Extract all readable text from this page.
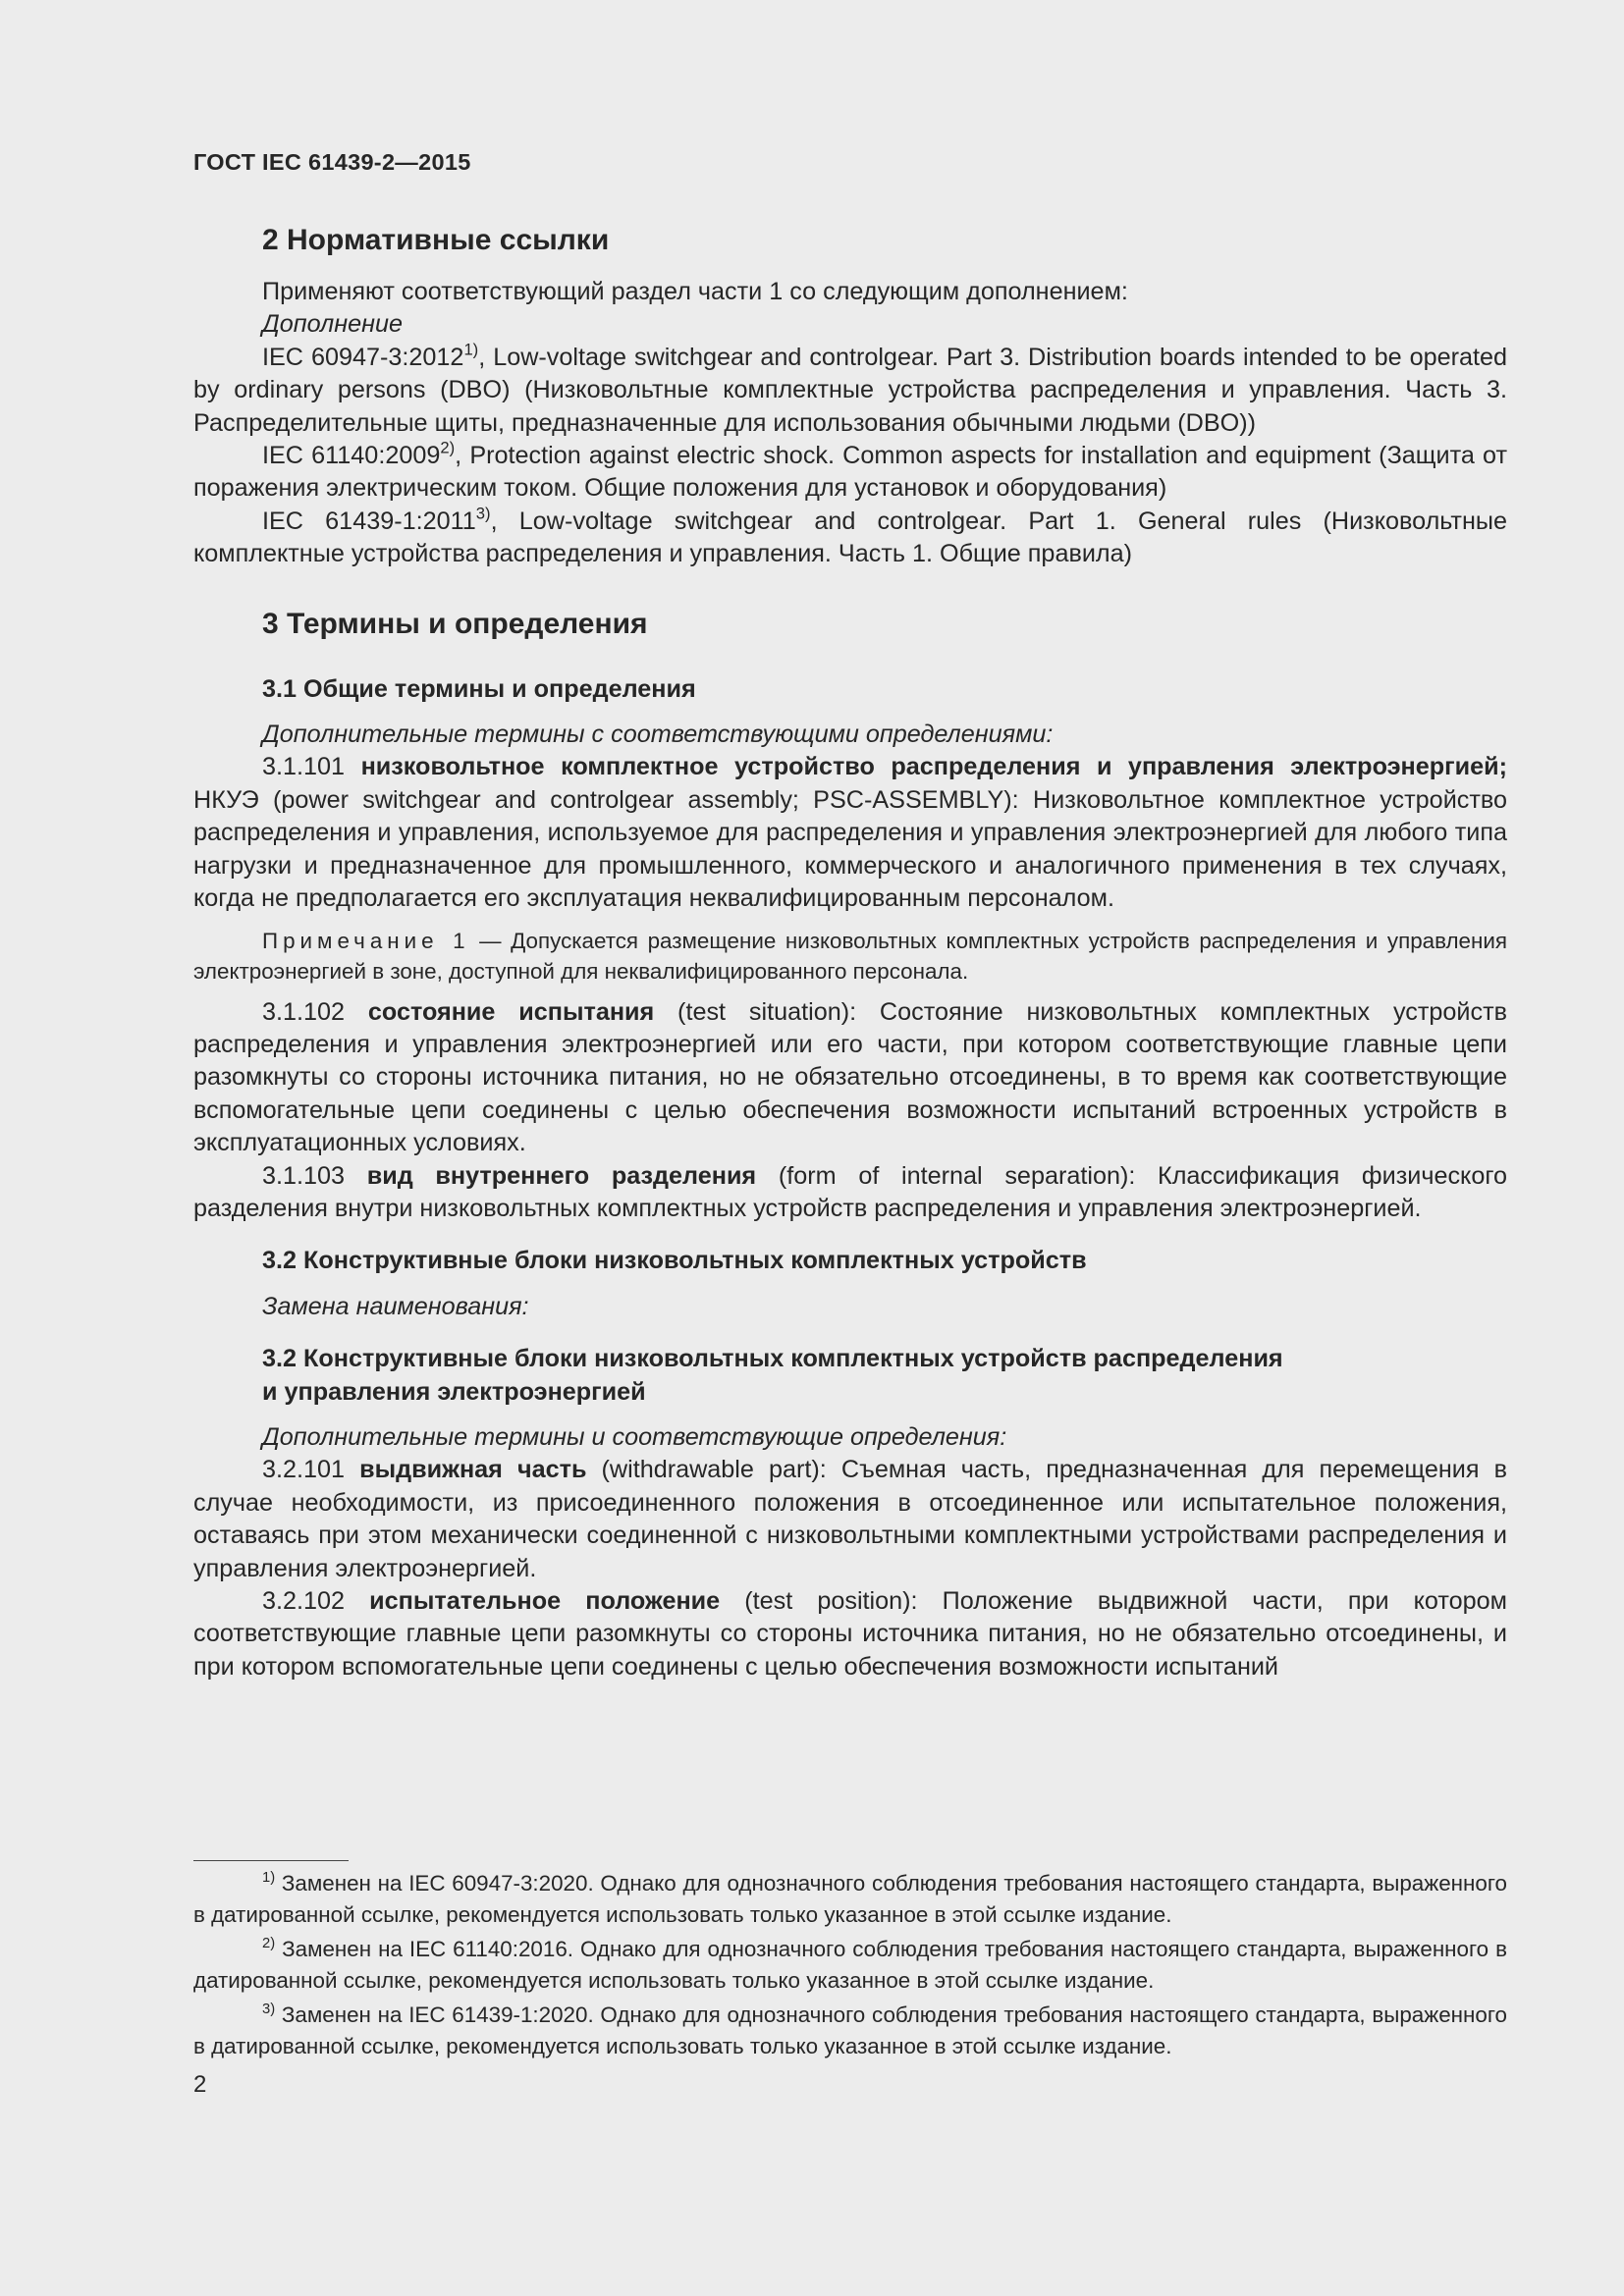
ГОСТ IEC 61439-2—2015
2 Нормативные ссылки

Применяют соответствующий раздел части 1 со следующим дополнением:

Дополнение

IEC 60947-3:2012$^{1)}$, Low-voltage switchgear and controlgear. Part 3. Distribution boards intended to be operated by ordinary persons (DBO) (Низковольтные комплектные устройства распределения и управления. Часть 3. Распределительные щиты, предназначенные для использования обычными людьми (DBO))

IEC 61140:2009$^{2)}$, Protection against electric shock. Common aspects for installation and equipment (Защита от поражения электрическим током. Общие положения для установок и оборудования)

IEC 61439-1:2011$^{3)}$, Low-voltage switchgear and controlgear. Part 1. General rules (Низковольтные комплектные устройства распределения и управления. Часть 1. Общие правила)

3 Термины и определения
3.1 Общие термины и определения

Дополнительные термины с соответствующими определениями:

3.1.101 низковольтное комплектное устройство распределения и управления электроэнергией; НКУЭ (power switchgear and controlgear assembly; PSC-ASSEMBLY): Низковольтное комплектное устройство распределения и управления, используемое для распределения и управления электроэнергией для любого типа нагрузки и предназначенное для промышленного, коммерческого и аналогичного применения в тех случаях, когда не предполагается его эксплуатация неквалифицированным персоналом.

Примечание 1 — Допускается размещение низковольтных комплектных устройств распределения и управления электроэнергией в зоне, доступной для неквалифицированного персонала.

3.1.102 состояние испытания (test situation): Состояние низковольтных комплектных устройств распределения и управления электроэнергией или его части, при котором соответствующие главные цепи разомкнуты со стороны источника питания, но не обязательно отсоединены, в то время как соответствующие вспомогательные цепи соединены с целью обеспечения возможности испытаний встроенных устройств в эксплуатационных условиях.

3.1.103 вид внутреннего разделения (form of internal separation): Классификация физического разделения внутри низковольтных комплектных устройств распределения и управления электроэнергией.

3.2 Конструктивные блоки низковольтных комплектных устройств

Замена наименования:

3.2 Конструктивные блоки низковольтных комплектных устройств распределения
и управления электроэнергией

Дополнительные термины и соответствующие определения:

3.2.101 выдвижная часть (withdrawable part): Съемная часть, предназначенная для перемещения в случае необходимости, из присоединенного положения в отсоединенное или испытательное положения, оставаясь при этом механически соединенной с низковольтными комплектными устройствами распределения и управления электроэнергией.

3.2.102 испытательное положение (test position): Положение выдвижной части, при котором соответствующие главные цепи разомкнуты со стороны источника питания, но не обязательно отсоединены, и при котором вспомогательные цепи соединены с целью обеспечения возможности испытаний

$^{1)}$ Заменен на IEC 60947-3:2020. Однако для однозначного соблюдения требования настоящего стандарта, выраженного в датированной ссылке, рекомендуется использовать только указанное в этой ссылке издание.

$^{2)}$ Заменен на IEC 61140:2016. Однако для однозначного соблюдения требования настоящего стандарта, выраженного в датированной ссылке, рекомендуется использовать только указанное в этой ссылке издание.

$^{3)}$ Заменен на IEC 61439-1:2020. Однако для однозначного соблюдения требования настоящего стандарта, выраженного в датированной ссылке, рекомендуется использовать только указанное в этой ссылке издание.

2
